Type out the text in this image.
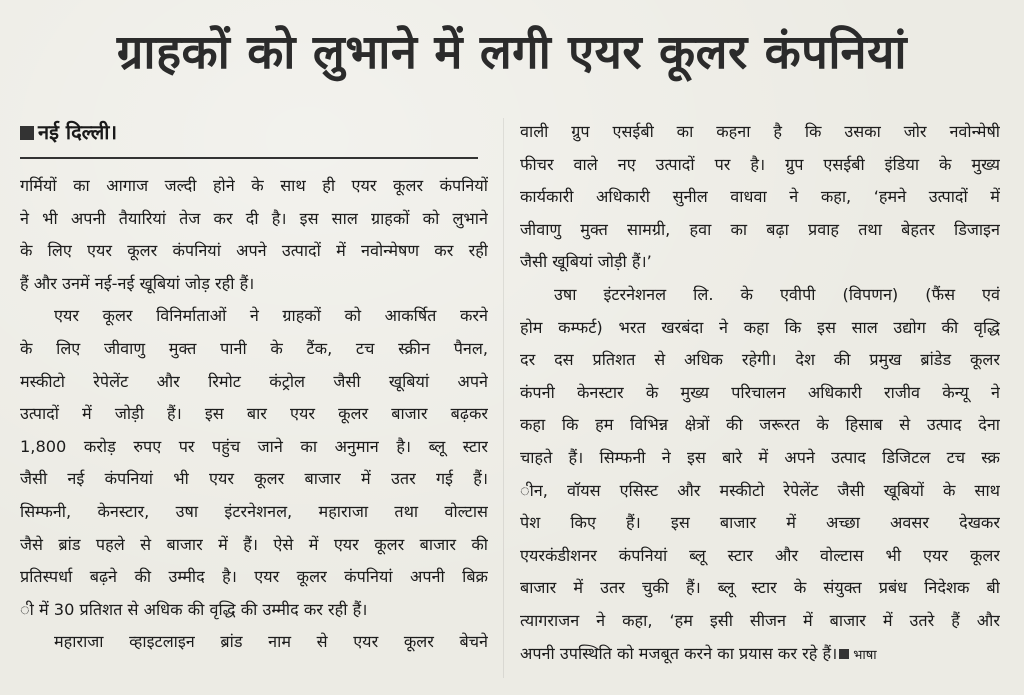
ग्राहकों को लुभाने में लगी एयर कूलर कंपनियां
नई दिल्ली।
गर्मियों का आगाज जल्दी होने के साथ ही एयर कूलर कंपनियों
ने भी अपनी तैयारियां तेज कर दी है। इस साल ग्राहकों को लुभाने
के लिए एयर कूलर कंपनियां अपने उत्पादों में नवोन्मेषण कर रही
हैं और उनमें नई-नई खूबियां जोड़ रही हैं।
एयर कूलर विनिर्माताओं ने ग्राहकों को आकर्षित करने
के लिए जीवाणु मुक्त पानी के टैंक, टच स्क्रीन पैनल,
मस्कीटो रेपेलेंट और रिमोट कंट्रोल जैसी खूबियां अपने
उत्पादों में जोड़ी हैं। इस बार एयर कूलर बाजार बढ़कर
1,800 करोड़ रुपए पर पहुंच जाने का अनुमान है। ब्लू स्टार
जैसी नई कंपनियां भी एयर कूलर बाजार में उतर गई हैं।
सिम्फनी, केनस्टार, उषा इंटरनेशनल, महाराजा तथा वोल्टास
जैसे ब्रांड पहले से बाजार में हैं। ऐसे में एयर कूलर बाजार की
प्रतिस्पर्धा बढ़ने की उम्मीद है। एयर कूलर कंपनियां अपनी बिक्र
ी में 30 प्रतिशत से अधिक की वृद्धि की उम्मीद कर रही हैं।
महाराजा व्हाइटलाइन ब्रांड नाम से एयर कूलर बेचने
वाली ग्रुप एसईबी का कहना है कि उसका जोर नवोन्मेषी
फीचर वाले नए उत्पादों पर है। ग्रुप एसईबी इंडिया के मुख्य
कार्यकारी अधिकारी सुनील वाधवा ने कहा, ‘हमने उत्पादों में
जीवाणु मुक्त सामग्री, हवा का बढ़ा प्रवाह तथा बेहतर डिजाइन
जैसी खूबियां जोड़ी हैं।’
उषा इंटरनेशनल लि. के एवीपी (विपणन) (फैंस एवं
होम कम्फर्ट) भरत खरबंदा ने कहा कि इस साल उद्योग की वृद्धि
दर दस प्रतिशत से अधिक रहेगी। देश की प्रमुख ब्रांडेड कूलर
कंपनी केनस्टार के मुख्य परिचालन अधिकारी राजीव केन्यू ने
कहा कि हम विभिन्न क्षेत्रों की जरूरत के हिसाब से उत्पाद देना
चाहते हैं। सिम्फनी ने इस बारे में अपने उत्पाद डिजिटल टच स्क्र
ीन, वॉयस एसिस्ट और मस्कीटो रेपेलेंट जैसी खूबियों के साथ
पेश किए हैं। इस बाजार में अच्छा अवसर देखकर
एयरकंडीशनर कंपनियां ब्लू स्टार और वोल्टास भी एयर कूलर
बाजार में उतर चुकी हैं। ब्लू स्टार के संयुक्त प्रबंध निदेशक बी
त्यागराजन ने कहा, ‘हम इसी सीजन में बाजार में उतरे हैं और
अपनी उपस्थिति को मजबूत करने का प्रयास कर रहे हैं। भाषा
